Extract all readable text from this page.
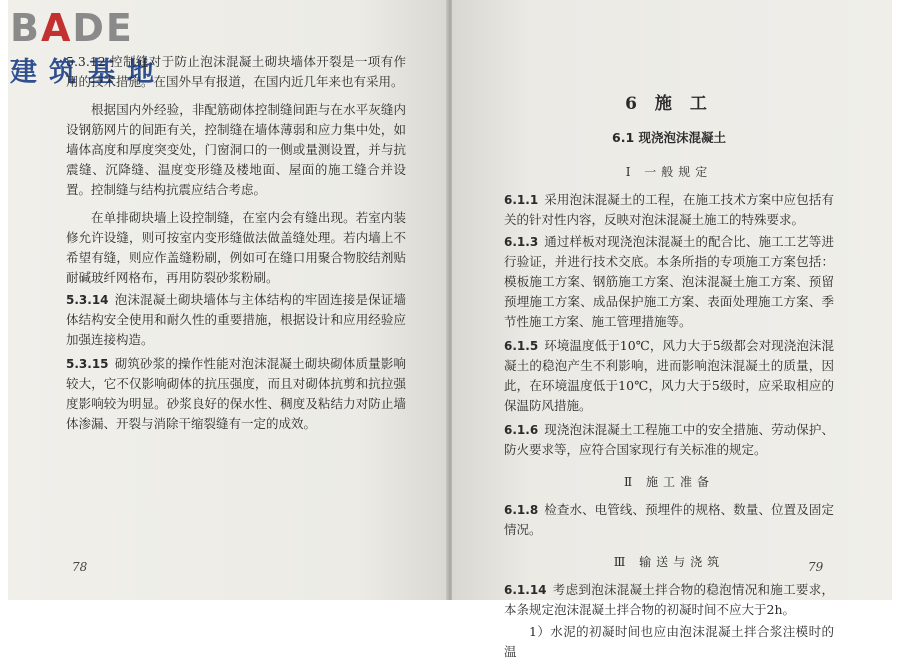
BADE
建筑基地

5.3.12 控制缝对于防止泡沫混凝土砌块墙体开裂是一项有作用的技术措施。在国外早有报道，在国内近几年来也有采用。

根据国内外经验，非配筋砌体控制缝间距与在水平灰缝内设钢筋网片的间距有关，控制缝在墙体薄弱和应力集中处，如墙体高度和厚度突变处，门窗洞口的一侧或量测设置，并与抗震缝、沉降缝、温度变形缝及楼地面、屋面的施工缝合并设置。控制缝与结构抗震应结合考虑。

在单排砌块墙上设控制缝，在室内会有缝出现。若室内装修允许设缝，则可按室内变形缝做法做盖缝处理。若内墙上不希望有缝，则应作盖缝粉刷，例如可在缝口用聚合物胶结剂贴耐碱玻纤网格布，再用防裂砂浆粉刷。

5.3.14 泡沫混凝土砌块墙体与主体结构的牢固连接是保证墙体结构安全使用和耐久性的重要措施，根据设计和应用经验应加强连接构造。

5.3.15 砌筑砂浆的操作性能对泡沫混凝土砌块砌体质量影响较大，它不仅影响砌体的抗压强度，而且对砌体抗剪和抗拉强度影响较为明显。砂浆良好的保水性、稠度及粘结力对防止墙体渗漏、开裂与消除干缩裂缝有一定的成效。

78

6 施 工

6.1 现浇泡沫混凝土

Ⅰ 一般规定

6.1.1 采用泡沫混凝土的工程，在施工技术方案中应包括有关的针对性内容，反映对泡沫混凝土施工的特殊要求。

6.1.3 通过样板对现浇泡沫混凝土的配合比、施工工艺等进行验证，并进行技术交底。本条所指的专项施工方案包括：模板施工方案、钢筋施工方案、泡沫混凝土施工方案、预留预埋施工方案、成品保护施工方案、表面处理施工方案、季节性施工方案、施工管理措施等。

6.1.5 环境温度低于10℃，风力大于5级都会对现浇泡沫混凝土的稳泡产生不利影响，进而影响泡沫混凝土的质量，因此，在环境温度低于10℃，风力大于5级时，应采取相应的保温防风措施。

6.1.6 现浇泡沫混凝土工程施工中的安全措施、劳动保护、防火要求等，应符合国家现行有关标准的规定。

Ⅱ 施工准备

6.1.8 检查水、电管线、预埋件的规格、数量、位置及固定情况。

Ⅲ 输送与浇筑

6.1.14 考虑到泡沫混凝土拌合物的稳泡情况和施工要求，本条规定泡沫混凝土拌合物的初凝时间不应大于2h。

1）水泥的初凝时间也应由泡沫混凝土拌合浆注模时的温

79
